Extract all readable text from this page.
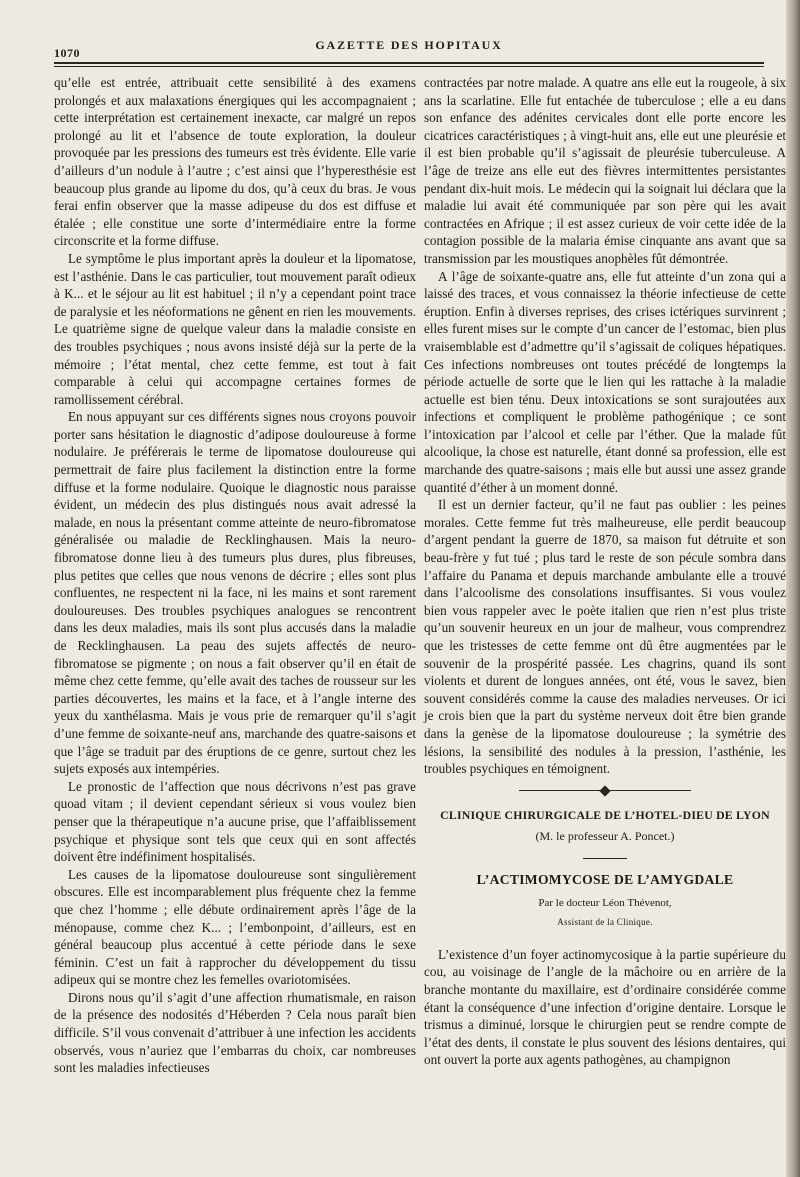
1070
GAZETTE DES HOPITAUX

qu’elle est entrée, attribuait cette sensibilité à des examens prolongés et aux malaxations énergiques qui les accompagnaient ; cette interprétation est certainement inexacte, car malgré un repos prolongé au lit et l’absence de toute exploration, la douleur provoquée par les pressions des tumeurs est très évidente. Elle varie d’ailleurs d’un nodule à l’autre ; c’est ainsi que l’hyperesthésie est beaucoup plus grande au lipome du dos, qu’à ceux du bras. Je vous ferai enfin observer que la masse adipeuse du dos est diffuse et étalée ; elle constitue une sorte d’intermédiaire entre la forme circonscrite et la forme diffuse.

Le symptôme le plus important après la douleur et la lipomatose, est l’asthénie. Dans le cas particulier, tout mouvement paraît odieux à K... et le séjour au lit est habituel ; il n’y a cependant point trace de paralysie et les néoformations ne gênent en rien les mouvements. Le quatrième signe de quelque valeur dans la maladie consiste en des troubles psychiques ; nous avons insisté déjà sur la perte de la mémoire ; l’état mental, chez cette femme, est tout à fait comparable à celui qui accompagne certaines formes de ramollissement cérébral.

En nous appuyant sur ces différents signes nous croyons pouvoir porter sans hésitation le diagnostic d’adipose douloureuse à forme nodulaire. Je préférerais le terme de lipomatose douloureuse qui permettrait de faire plus facilement la distinction entre la forme diffuse et la forme nodulaire. Quoique le diagnostic nous paraisse évident, un médecin des plus distingués nous avait adressé la malade, en nous la présentant comme atteinte de neuro-fibromatose généralisée ou maladie de Recklinghausen. Mais la neuro-fibromatose donne lieu à des tumeurs plus dures, plus fibreuses, plus petites que celles que nous venons de décrire ; elles sont plus confluentes, ne respectent ni la face, ni les mains et sont rarement douloureuses. Des troubles psychiques analogues se rencontrent dans les deux maladies, mais ils sont plus accusés dans la maladie de Recklinghausen. La peau des sujets affectés de neuro-fibromatose se pigmente ; on nous a fait observer qu’il en était de même chez cette femme, qu’elle avait des taches de rousseur sur les parties découvertes, les mains et la face, et à l’angle interne des yeux du xanthélasma. Mais je vous prie de remarquer qu’il s’agit d’une femme de soixante-neuf ans, marchande des quatre-saisons et que l’âge se traduit par des éruptions de ce genre, surtout chez les sujets exposés aux intempéries.

Le pronostic de l’affection que nous décrivons n’est pas grave quoad vitam ; il devient cependant sérieux si vous voulez bien penser que la thérapeutique n’a aucune prise, que l’affaiblissement psychique et physique sont tels que ceux qui en sont affectés doivent être indéfiniment hospitalisés.

Les causes de la lipomatose douloureuse sont singulièrement obscures. Elle est incomparablement plus fréquente chez la femme que chez l’homme ; elle débute ordinairement après l’âge de la ménopause, comme chez K... ; l’embonpoint, d’ailleurs, est en général beaucoup plus accentué à cette période dans le sexe féminin. C’est un fait à rapprocher du développement du tissu adipeux qui se montre chez les femelles ovariotomisées.

Dirons nous qu’il s’agit d’une affection rhumatismale, en raison de la présence des nodosités d’Héberden ? Cela nous paraît bien difficile. S’il vous convenait d’attribuer à une infection les accidents observés, vous n’auriez que l’embarras du choix, car nombreuses sont les maladies infectieuses

contractées par notre malade. A quatre ans elle eut la rougeole, à six ans la scarlatine. Elle fut entachée de tuberculose ; elle a eu dans son enfance des adénites cervicales dont elle porte encore les cicatrices caractéristiques ; à vingt-huit ans, elle eut une pleurésie et il est bien probable qu’il s’agissait de pleurésie tuberculeuse. A l’âge de treize ans elle eut des fièvres intermittentes persistantes pendant dix-huit mois. Le médecin qui la soignait lui déclara que la maladie lui avait été communiquée par son père qui les avait contractées en Afrique ; il est assez curieux de voir cette idée de la contagion possible de la malaria émise cinquante ans avant que sa transmission par les moustiques anophèles fût démontrée.

A l’âge de soixante-quatre ans, elle fut atteinte d’un zona qui a laissé des traces, et vous connaissez la théorie infectieuse de cette éruption. Enfin à diverses reprises, des crises ictériques survinrent ; elles furent mises sur le compte d’un cancer de l’estomac, bien plus vraisemblable est d’admettre qu’il s’agissait de coliques hépatiques. Ces infections nombreuses ont toutes précédé de longtemps la période actuelle de sorte que le lien qui les rattache à la maladie actuelle est bien ténu. Deux intoxications se sont surajoutées aux infections et compliquent le problème pathogénique ; ce sont l’intoxication par l’alcool et celle par l’éther. Que la malade fût alcoolique, la chose est naturelle, étant donné sa profession, elle est marchande des quatre-saisons ; mais elle but aussi une assez grande quantité d’éther à un moment donné.

Il est un dernier facteur, qu’il ne faut pas oublier : les peines morales. Cette femme fut très malheureuse, elle perdit beaucoup d’argent pendant la guerre de 1870, sa maison fut détruite et son beau-frère y fut tué ; plus tard le reste de son pécule sombra dans l’affaire du Panama et depuis marchande ambulante elle a trouvé dans l’alcoolisme des consolations insuffisantes. Si vous voulez bien vous rappeler avec le poète italien que rien n’est plus triste qu’un souvenir heureux en un jour de malheur, vous comprendrez que les tristesses de cette femme ont dû être augmentées par le souvenir de la prospérité passée. Les chagrins, quand ils sont violents et durent de longues années, ont été, vous le savez, bien souvent considérés comme la cause des maladies nerveuses. Or ici je crois bien que la part du système nerveux doit être bien grande dans la genèse de la lipomatose douloureuse ; la symétrie des lésions, la sensibilité des nodules à la pression, l’asthénie, les troubles psychiques en témoignent.

CLINIQUE CHIRURGICALE DE L’HOTEL-DIEU DE LYON
(M. le professeur A. Poncet.)
L’ACTIMOMYCOSE DE L’AMYGDALE
Par le docteur Léon Thévenot,
Assistant de la Clinique.

L’existence d’un foyer actinomycosique à la partie supérieure du cou, au voisinage de l’angle de la mâchoire ou en arrière de la branche montante du maxillaire, est d’ordinaire considérée comme étant la conséquence d’une infection d’origine dentaire. Lorsque le trismus a diminué, lorsque le chirurgien peut se rendre compte de l’état des dents, il constate le plus souvent des lésions dentaires, qui ont ouvert la porte aux agents pathogènes, au champignon
